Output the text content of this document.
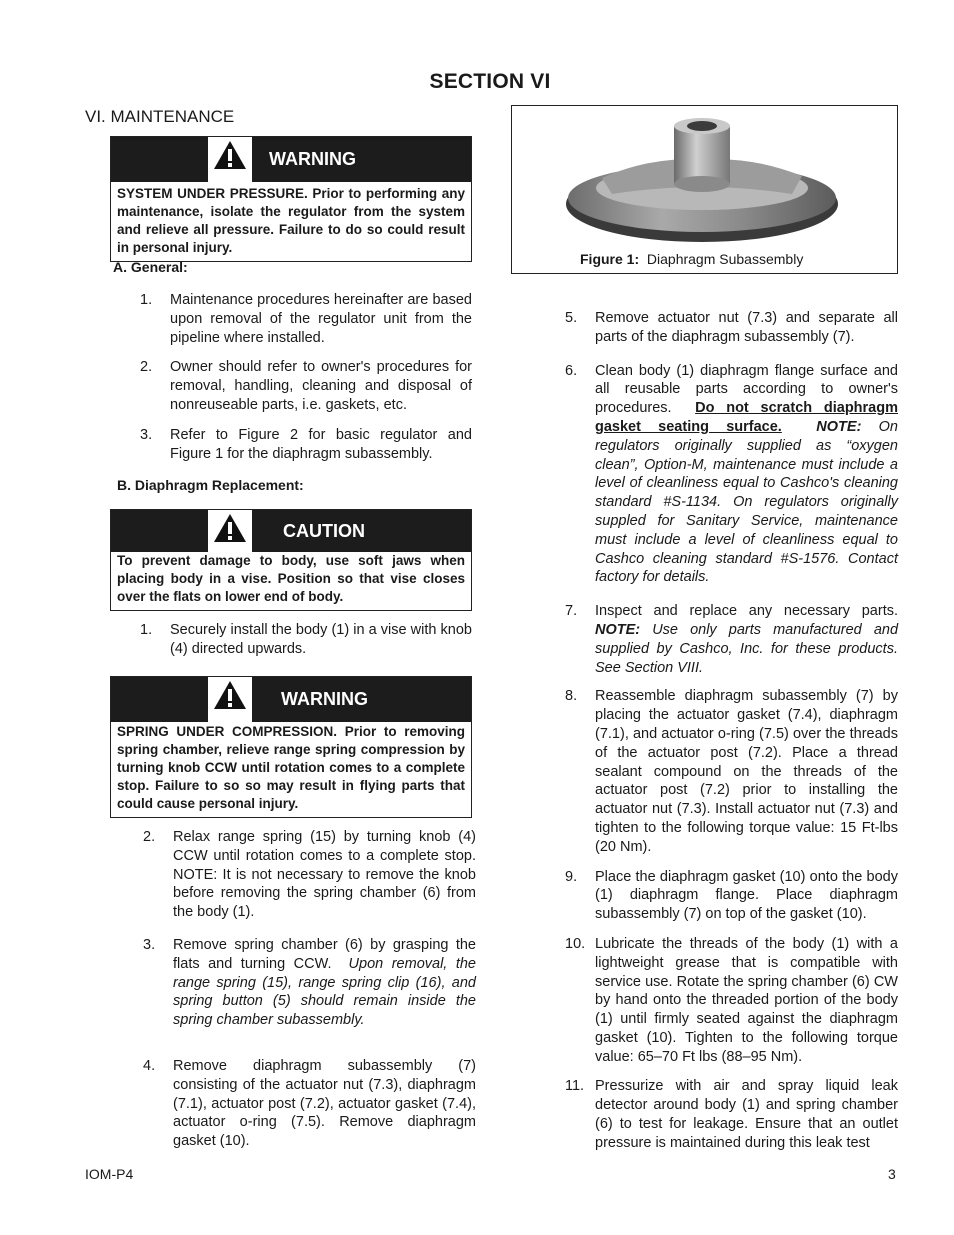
SECTION VI
VI. MAINTENANCE
WARNING
SYSTEM UNDER PRESSURE. Prior to performing any maintenance, isolate the regulator from the system and relieve all pressure. Failure to do so could result in personal injury.
A. General:
1. Maintenance procedures hereinafter are based upon removal of the regulator unit from the pipeline where installed.
2. Owner should refer to owner's procedures for removal, handling, cleaning and disposal of nonreuseable parts, i.e. gaskets, etc.
3. Refer to Figure 2 for basic regulator and Figure 1 for the diaphragm subassembly.
B. Diaphragm Replacement:
CAUTION
To prevent damage to body, use soft jaws when placing body in a vise. Position so that vise closes over the flats on lower end of body.
1. Securely install the body (1) in a vise with knob (4) directed upwards.
WARNING
SPRING UNDER COMPRESSION. Prior to removing spring chamber, relieve range spring compression by turning knob CCW until rotation comes to a complete stop. Failure to so so may result in flying parts that could cause personal injury.
2. Relax range spring (15) by turning knob (4) CCW until rotation comes to a complete stop. NOTE: It is not necessary to remove the knob before removing the spring chamber (6) from the body (1).
3. Remove spring chamber (6) by grasping the flats and turning CCW. Upon removal, the range spring (15), range spring clip (16), and spring button (5) should remain inside the spring chamber subassembly.
4. Remove diaphragm subassembly (7) consisting of the actuator nut (7.3), diaphragm (7.1), actuator post (7.2), actuator gasket (7.4), actuator o-ring (7.5). Remove diaphragm gasket (10).
Figure 1: Diaphragm Subassembly
5. Remove actuator nut (7.3) and separate all parts of the diaphragm subassembly (7).
6. Clean body (1) diaphragm flange surface and all reusable parts according to owner's procedures. Do not scratch diaphragm gasket seating surface. NOTE: On regulators originally supplied as “oxygen clean”, Option-M, maintenance must include a level of cleanliness equal to Cashco's cleaning standard #S-1134. On regulators originally suppled for Sanitary Service, maintenance must include a level of cleanliness equal to Cashco cleaning standard #S-1576. Contact factory for details.
7. Inspect and replace any necessary parts. NOTE: Use only parts manufactured and supplied by Cashco, Inc. for these products. See Section VIII.
8. Reassemble diaphragm subassembly (7) by placing the actuator gasket (7.4), diaphragm (7.1), and actuator o-ring (7.5) over the threads of the actuator post (7.2). Place a thread sealant compound on the threads of the actuator post (7.2) prior to installing the actuator nut (7.3). Install actuator nut (7.3) and tighten to the following torque value: 15 Ft-lbs (20 Nm).
9. Place the diaphragm gasket (10) onto the body (1) diaphragm flange. Place diaphragm subassembly (7) on top of the gasket (10).
10. Lubricate the threads of the body (1) with a lightweight grease that is compatible with service use. Rotate the spring chamber (6) CW by hand onto the threaded portion of the body (1) until firmly seated against the diaphragm gasket (10). Tighten to the following torque value: 65–70 Ft lbs (88–95 Nm).
11. Pressurize with air and spray liquid leak detector around body (1) and spring chamber (6) to test for leakage. Ensure that an outlet pressure is maintained during this leak test
IOM-P4	3
